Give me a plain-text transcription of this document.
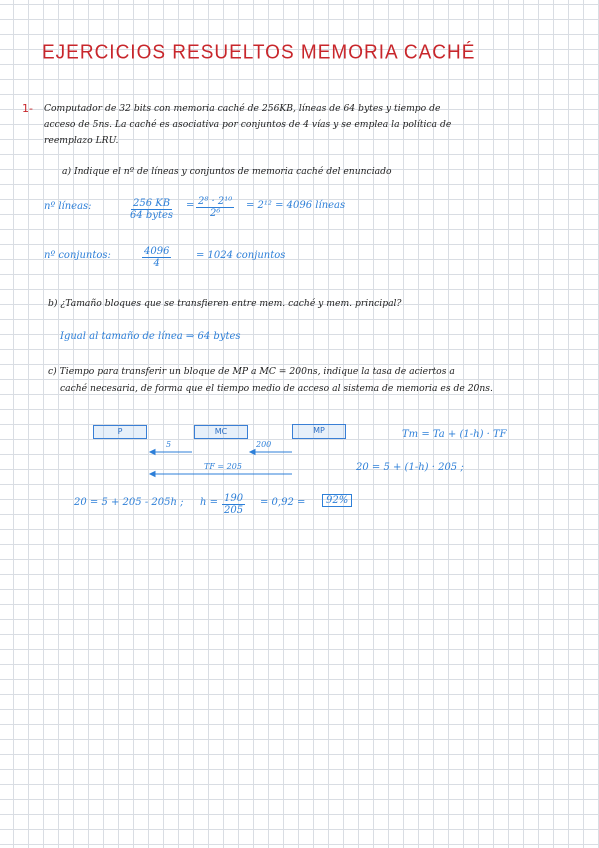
EJERCICIOS RESUELTOS MEMORIA CACHÉ
1- Computador de 32 bits con memoria caché de 256KB, líneas de 64 bytes y tiempo de
acceso de 5ns. La caché es asociativa por conjuntos de 4 vías y se emplea la política de
reemplazo LRU.
a) Indique el nº de líneas y conjuntos de memoria caché del enunciado
nº líneas:	$\frac{256 KB}{\text{64 bytes}} = \frac{\text{2⁸ · 2¹⁰}}{\text{2⁶}} = 2^{12} = 4096$ líneas
nº conjuntos:	$\frac{4096}{4} = 1024$ conjuntos
b) ¿Tamaño bloques que se transfieren entre mem. caché y mem. principal?
Igual al tamaño de línea ⇒ 64 bytes
c) Tiempo para transferir un bloque de MP a MC = 200ns, indique la tasa de aciertos a
caché necesaria, de forma que el tiempo medio de acceso al sistema de memoria es de 20ns.
P	MC	MP
5	200
TF = 205
Tm = Ta + (1-h) · TF
20 = 5 + (1-h) · 205 ;
20 = 5 + 205 - 205h ; $h = \frac{190}{205} = 0,92$ =	92%
